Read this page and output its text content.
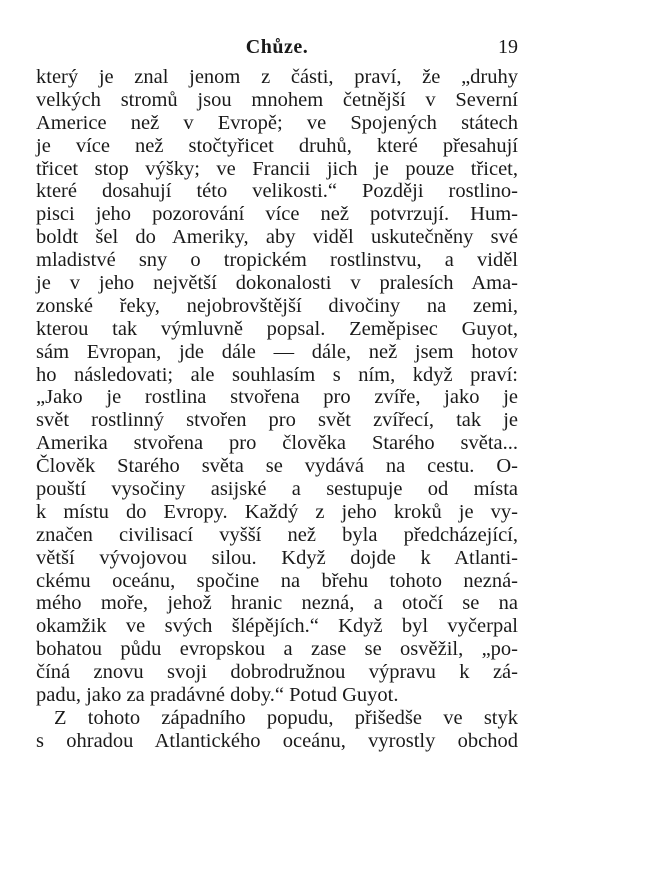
Chůze.	19
který je znal jenom z části, praví, že „druhy
velkých stromů jsou mnohem četnější v Severní
Americe než v Evropě; ve Spojených státech
je více než stočtyřicet druhů, které přesahují
třicet stop výšky; ve Francii jich je pouze třicet,
které dosahují této velikosti.“ Později rostlino-
pisci jeho pozorování více než potvrzují. Hum-
boldt šel do Ameriky, aby viděl uskutečněny své
mladistvé sny o tropickém rostlinstvu, a viděl
je v jeho největší dokonalosti v pralesích Ama-
zonské řeky, nejobrovštější divočiny na zemi,
kterou tak výmluvně popsal. Zeměpisec Guyot,
sám Evropan, jde dále — dále, než jsem hotov
ho následovati; ale souhlasím s ním, když praví:
„Jako je rostlina stvořena pro zvíře, jako je
svět rostlinný stvořen pro svět zvířecí, tak je
Amerika stvořena pro člověka Starého světa...
Člověk Starého světa se vydává na cestu. O-
pouští vysočiny asijské a sestupuje od místa
k místu do Evropy. Každý z jeho kroků je vy-
značen civilisací vyšší než byla předcházející,
větší vývojovou silou. Když dojde k Atlanti-
ckému oceánu, spočine na břehu tohoto nezná-
mého moře, jehož hranic nezná, a otočí se na
okamžik ve svých šlépějích.“ Když byl vyčerpal
bohatou půdu evropskou a zase se osvěžil, „po-
číná znovu svoji dobrodružnou výpravu k zá-
padu, jako za pradávné doby.“ Potud Guyot.
Z tohoto západního popudu, přišedše ve styk
s ohradou Atlantického oceánu, vyrostly obchod
